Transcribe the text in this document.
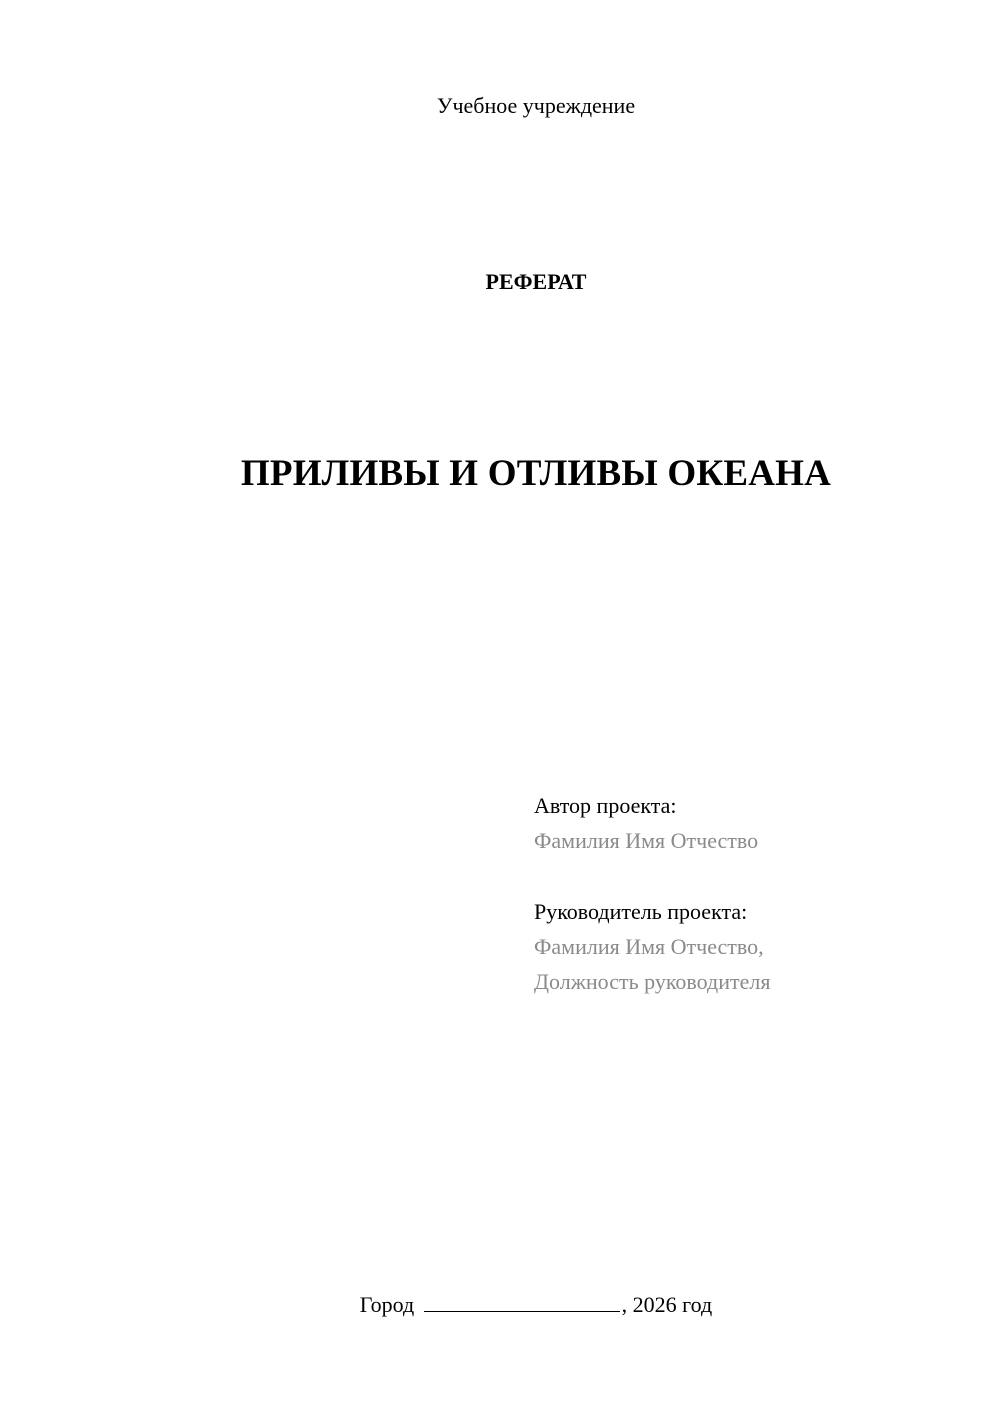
Учебное учреждение
РЕФЕРАТ
ПРИЛИВЫ И ОТЛИВЫ ОКЕАНА
Автор проекта:
Фамилия Имя Отчество
Руководитель проекта:
Фамилия Имя Отчество,
Должность руководителя
Город	, 2026 год
